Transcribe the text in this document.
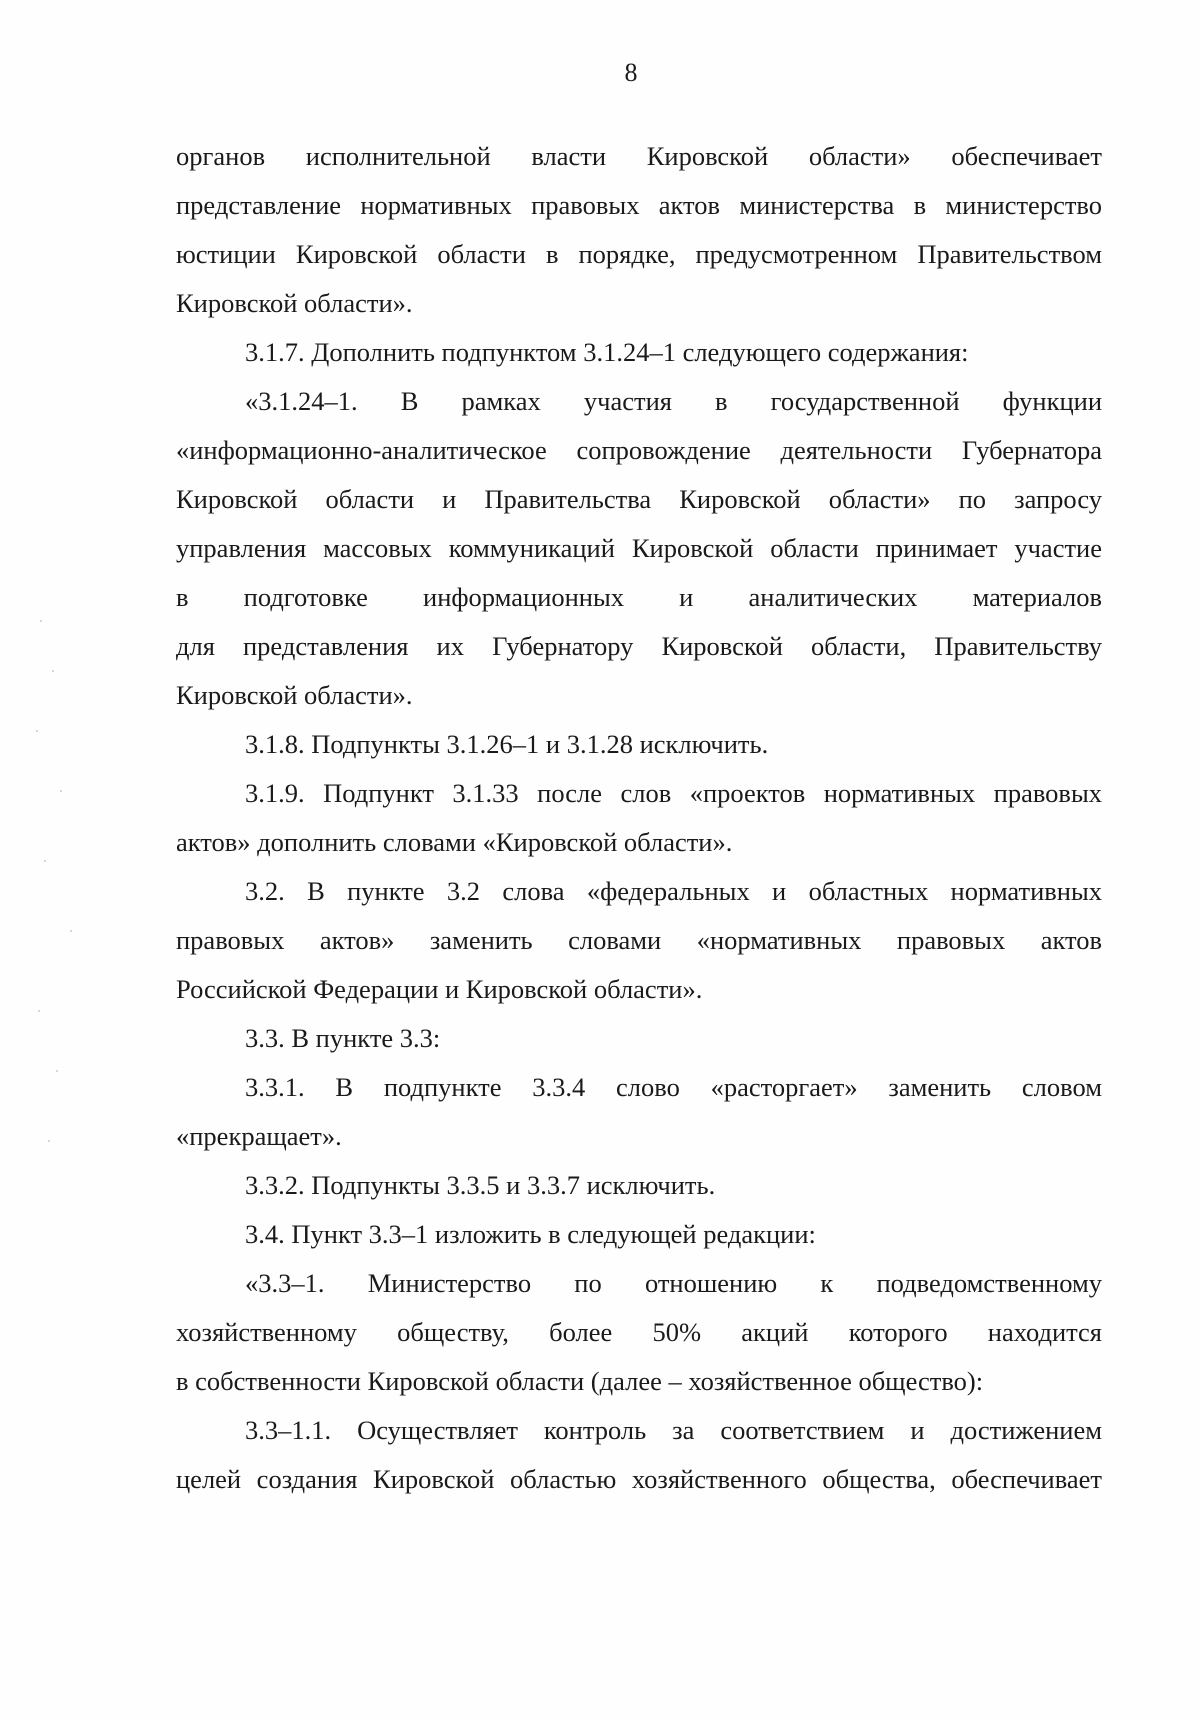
8
органов исполнительной власти Кировской области» обеспечивает
представление нормативных правовых актов министерства в министерство
юстиции Кировской области в порядке, предусмотренном Правительством
Кировской области».
3.1.7. Дополнить подпунктом 3.1.24–1 следующего содержания:
«3.1.24–1. В рамках участия в государственной функции
«информационно-аналитическое сопровождение деятельности Губернатора
Кировской области и Правительства Кировской области» по запросу
управления массовых коммуникаций Кировской области принимает участие
в подготовке информационных и аналитических материалов
для представления их Губернатору Кировской области, Правительству
Кировской области».
3.1.8. Подпункты 3.1.26–1 и 3.1.28 исключить.
3.1.9. Подпункт 3.1.33 после слов «проектов нормативных правовых
актов» дополнить словами «Кировской области».
3.2. В пункте 3.2 слова «федеральных и областных нормативных
правовых актов» заменить словами «нормативных правовых актов
Российской Федерации и Кировской области».
3.3. В пункте 3.3:
3.3.1. В подпункте 3.3.4 слово «расторгает» заменить словом
«прекращает».
3.3.2. Подпункты 3.3.5 и 3.3.7 исключить.
3.4. Пункт 3.3–1 изложить в следующей редакции:
«3.3–1. Министерство по отношению к подведомственному
хозяйственному обществу, более 50% акций которого находится
в собственности Кировской области (далее – хозяйственное общество):
3.3–1.1. Осуществляет контроль за соответствием и достижением
целей создания Кировской областью хозяйственного общества, обеспечивает
